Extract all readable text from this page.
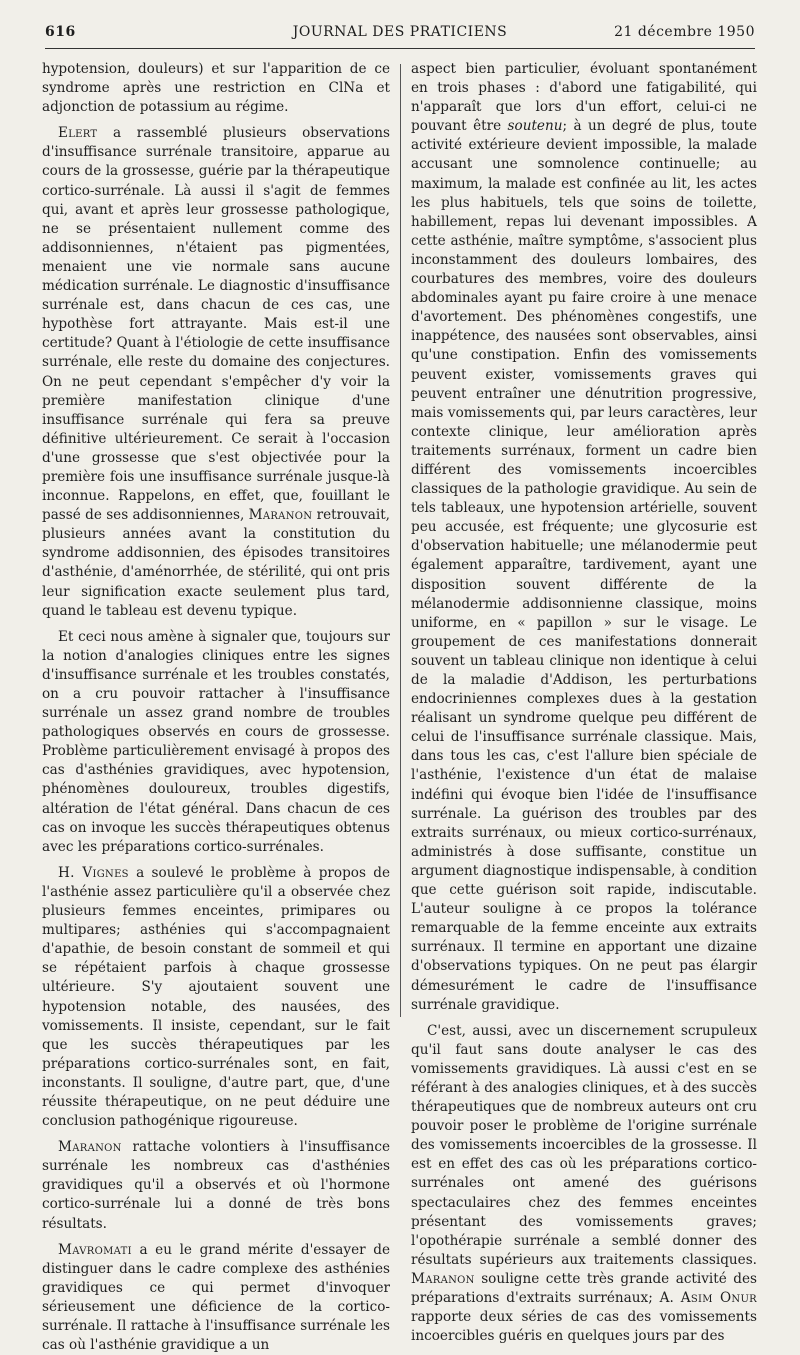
616	JOURNAL DES PRATICIENS	21 décembre 1950

hypotension, douleurs) et sur l'apparition de ce syndrome après une restriction en ClNa et adjonction de potassium au régime.

Elert a rassemblé plusieurs observations d'insuffisance surrénale transitoire, apparue au cours de la grossesse, guérie par la thérapeutique cortico-surrénale. Là aussi il s'agit de femmes qui, avant et après leur grossesse pathologique, ne se présentaient nullement comme des addisonniennes, n'étaient pas pigmentées, menaient une vie normale sans aucune médication surrénale. Le diagnostic d'insuffisance surrénale est, dans chacun de ces cas, une hypothèse fort attrayante. Mais est-il une certitude? Quant à l'étiologie de cette insuffisance surrénale, elle reste du domaine des conjectures. On ne peut cependant s'empêcher d'y voir la première manifestation clinique d'une insuffisance surrénale qui fera sa preuve définitive ultérieurement. Ce serait à l'occasion d'une grossesse que s'est objectivée pour la première fois une insuffisance surrénale jusque-là inconnue. Rappelons, en effet, que, fouillant le passé de ses addisonniennes, Maranon retrouvait, plusieurs années avant la constitution du syndrome addisonnien, des épisodes transitoires d'asthénie, d'aménorrhée, de stérilité, qui ont pris leur signification exacte seulement plus tard, quand le tableau est devenu typique.

Et ceci nous amène à signaler que, toujours sur la notion d'analogies cliniques entre les signes d'insuffisance surrénale et les troubles constatés, on a cru pouvoir rattacher à l'insuffisance surrénale un assez grand nombre de troubles pathologiques observés en cours de grossesse. Problème particulièrement envisagé à propos des cas d'asthénies gravidiques, avec hypotension, phénomènes douloureux, troubles digestifs, altération de l'état général. Dans chacun de ces cas on invoque les succès thérapeutiques obtenus avec les préparations cortico-surrénales.

H. Vignes a soulevé le problème à propos de l'asthénie assez particulière qu'il a observée chez plusieurs femmes enceintes, primipares ou multipares; asthénies qui s'accompagnaient d'apathie, de besoin constant de sommeil et qui se répétaient parfois à chaque grossesse ultérieure. S'y ajoutaient souvent une hypotension notable, des nausées, des vomissements. Il insiste, cependant, sur le fait que les succès thérapeutiques par les préparations cortico-surrénales sont, en fait, inconstants. Il souligne, d'autre part, que, d'une réussite thérapeutique, on ne peut déduire une conclusion pathogénique rigoureuse.

Maranon rattache volontiers à l'insuffisance surrénale les nombreux cas d'asthénies gravidiques qu'il a observés et où l'hormone cortico-surrénale lui a donné de très bons résultats.

Mavromati a eu le grand mérite d'essayer de distinguer dans le cadre complexe des asthénies gravidiques ce qui permet d'invoquer sérieusement une déficience de la cortico-surrénale. Il rattache à l'insuffisance surrénale les cas où l'asthénie gravidique a un

aspect bien particulier, évoluant spontanément en trois phases : d'abord une fatigabilité, qui n'apparaît que lors d'un effort, celui-ci ne pouvant être soutenu; à un degré de plus, toute activité extérieure devient impossible, la malade accusant une somnolence continuelle; au maximum, la malade est confinée au lit, les actes les plus habituels, tels que soins de toilette, habillement, repas lui devenant impossibles. A cette asthénie, maître symptôme, s'associent plus inconstamment des douleurs lombaires, des courbatures des membres, voire des douleurs abdominales ayant pu faire croire à une menace d'avortement. Des phénomènes congestifs, une inappétence, des nausées sont observables, ainsi qu'une constipation. Enfin des vomissements peuvent exister, vomissements graves qui peuvent entraîner une dénutrition progressive, mais vomissements qui, par leurs caractères, leur contexte clinique, leur amélioration après traitements surrénaux, forment un cadre bien différent des vomissements incoercibles classiques de la pathologie gravidique. Au sein de tels tableaux, une hypotension artérielle, souvent peu accusée, est fréquente; une glycosurie est d'observation habituelle; une mélanodermie peut également apparaître, tardivement, ayant une disposition souvent différente de la mélanodermie addisonnienne classique, moins uniforme, en « papillon » sur le visage. Le groupement de ces manifestations donnerait souvent un tableau clinique non identique à celui de la maladie d'Addison, les perturbations endocriniennes complexes dues à la gestation réalisant un syndrome quelque peu différent de celui de l'insuffisance surrénale classique. Mais, dans tous les cas, c'est l'allure bien spéciale de l'asthénie, l'existence d'un état de malaise indéfini qui évoque bien l'idée de l'insuffisance surrénale. La guérison des troubles par des extraits surrénaux, ou mieux cortico-surrénaux, administrés à dose suffisante, constitue un argument diagnostique indispensable, à condition que cette guérison soit rapide, indiscutable. L'auteur souligne à ce propos la tolérance remarquable de la femme enceinte aux extraits surrénaux. Il termine en apportant une dizaine d'observations typiques. On ne peut pas élargir démesurément le cadre de l'insuffisance surrénale gravidique.

C'est, aussi, avec un discernement scrupuleux qu'il faut sans doute analyser le cas des vomissements gravidiques. Là aussi c'est en se référant à des analogies cliniques, et à des succès thérapeutiques que de nombreux auteurs ont cru pouvoir poser le problème de l'origine surrénale des vomissements incoercibles de la grossesse. Il est en effet des cas où les préparations cortico-surrénales ont amené des guérisons spectaculaires chez des femmes enceintes présentant des vomissements graves; l'opothérapie surrénale a semblé donner des résultats supérieurs aux traitements classiques. Maranon souligne cette très grande activité des préparations d'extraits surrénaux; A. Asim Onur rapporte deux séries de cas des vomissements incoercibles guéris en quelques jours par des
